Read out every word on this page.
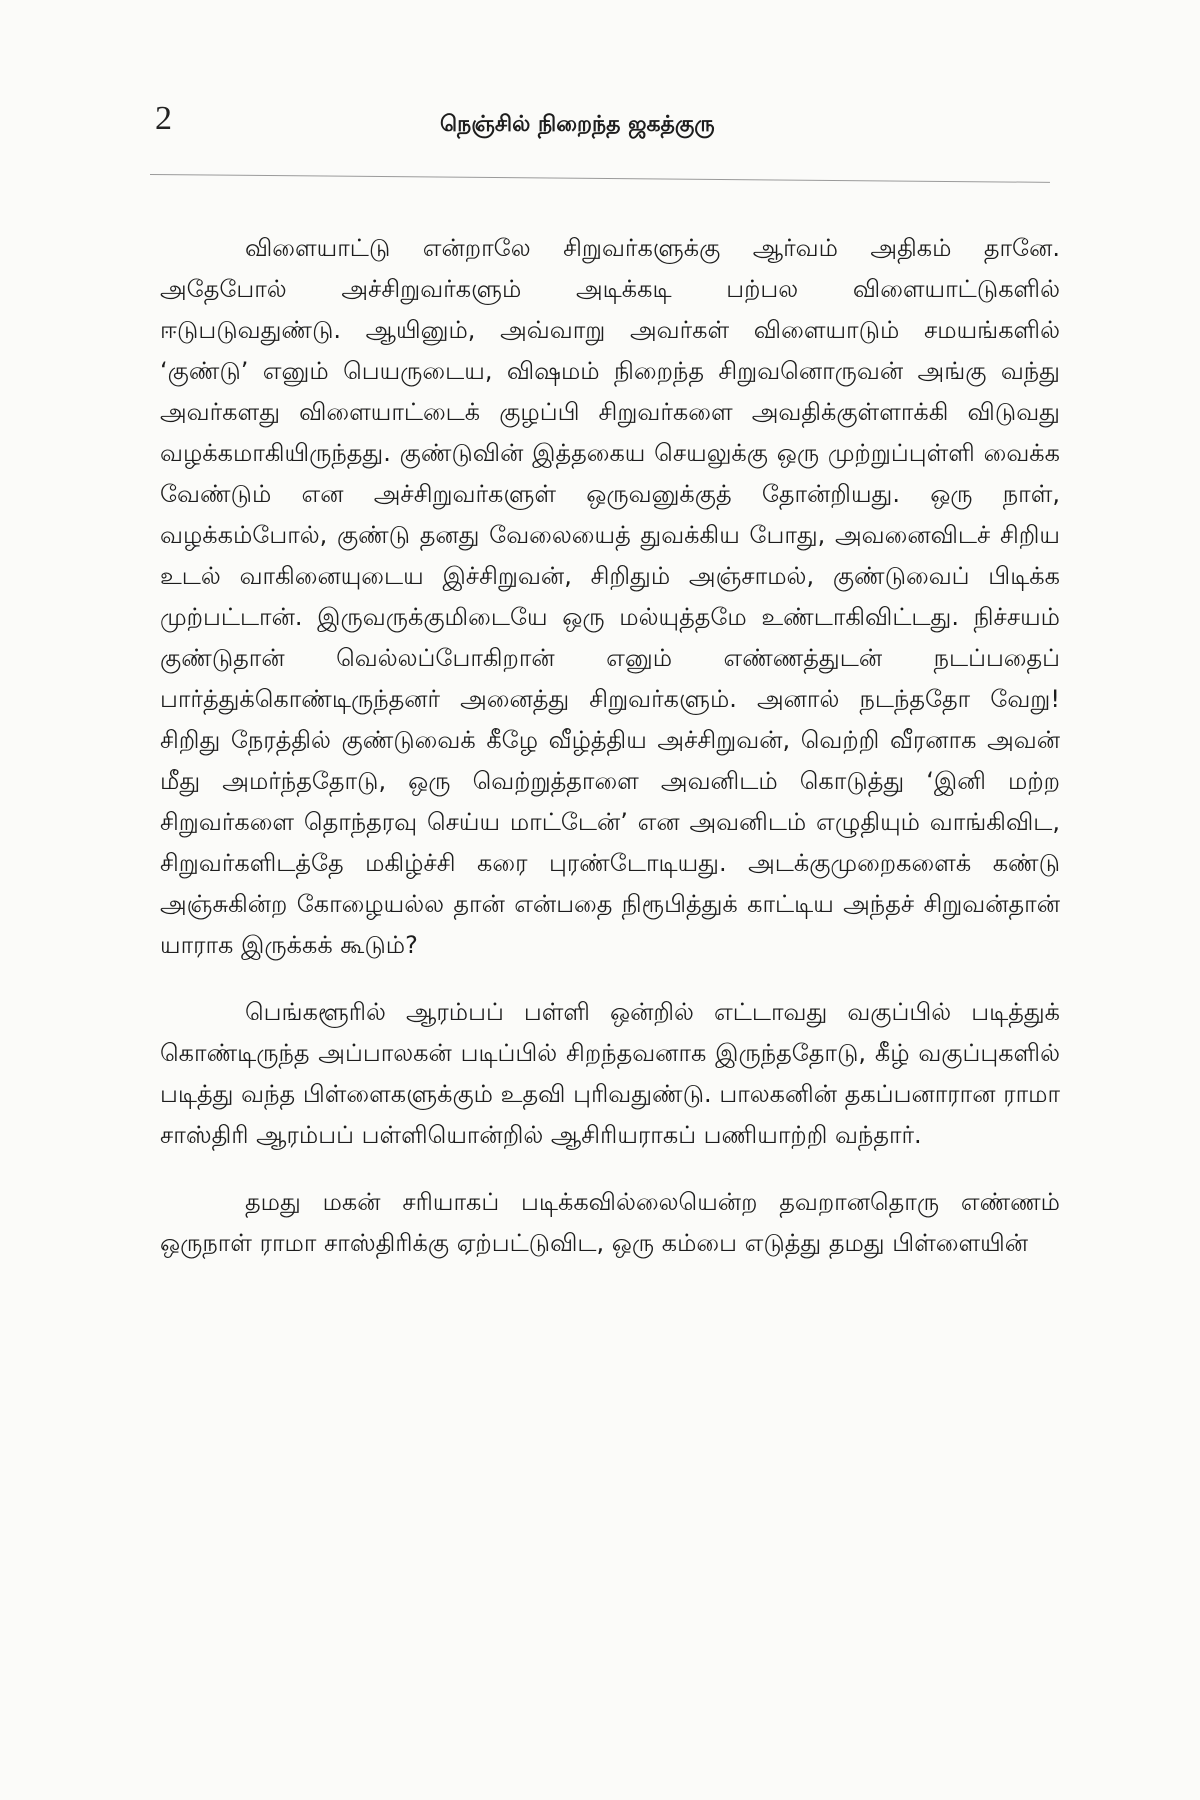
2	நெஞ்சில் நிறைந்த ஜகத்குரு

விளையாட்டு என்றாலே சிறுவர்களுக்கு ஆர்வம் அதிகம் தானே. அதேபோல் அச்சிறுவர்களும் அடிக்கடி பற்பல விளையாட்டுகளில் ஈடுபடுவதுண்டு. ஆயினும், அவ்வாறு அவர்கள் விளையாடும் சமயங்களில் ‘குண்டு’ எனும் பெயருடைய, விஷமம் நிறைந்த சிறுவனொருவன் அங்கு வந்து அவர்களது விளையாட்டைக் குழப்பி சிறுவர்களை அவதிக்குள்ளாக்கி விடுவது வழக்கமாகியிருந்தது. குண்டுவின் இத்தகைய செயலுக்கு ஒரு முற்றுப்புள்ளி வைக்க வேண்டும் என அச்சிறுவர்களுள் ஒருவனுக்குத் தோன்றியது. ஒரு நாள், வழக்கம்போல், குண்டு தனது வேலையைத் துவக்கிய போது, அவனைவிடச் சிறிய உடல் வாகினையுடைய இச்சிறுவன், சிறிதும் அஞ்சாமல், குண்டுவைப் பிடிக்க முற்பட்டான். இருவருக்குமிடையே ஒரு மல்யுத்தமே உண்டாகிவிட்டது. நிச்சயம் குண்டுதான் வெல்லப்போகிறான் எனும் எண்ணத்துடன் நடப்பதைப் பார்த்துக்கொண்டிருந்தனர் அனைத்து சிறுவர்களும். அனால் நடந்ததோ வேறு! சிறிது நேரத்தில் குண்டுவைக் கீழே வீழ்த்திய அச்சிறுவன், வெற்றி வீரனாக அவன் மீது அமர்ந்ததோடு, ஒரு வெற்றுத்தாளை அவனிடம் கொடுத்து ‘இனி மற்ற சிறுவர்களை தொந்தரவு செய்ய மாட்டேன்’ என அவனிடம் எழுதியும் வாங்கிவிட, சிறுவர்களிடத்தே மகிழ்ச்சி கரை புரண்டோடியது. அடக்குமுறைகளைக் கண்டு அஞ்சுகின்ற கோழையல்ல தான் என்பதை நிரூபித்துக் காட்டிய அந்தச் சிறுவன்தான் யாராக இருக்கக் கூடும்?

பெங்களூரில் ஆரம்பப் பள்ளி ஒன்றில் எட்டாவது வகுப்பில் படித்துக் கொண்டிருந்த அப்பாலகன் படிப்பில் சிறந்தவனாக இருந்ததோடு, கீழ் வகுப்புகளில் படித்து வந்த பிள்ளைகளுக்கும் உதவி புரிவதுண்டு. பாலகனின் தகப்பனாரான ராமா சாஸ்திரி ஆரம்பப் பள்ளியொன்றில் ஆசிரியராகப் பணியாற்றி வந்தார்.

தமது மகன் சரியாகப் படிக்கவில்லையென்ற தவறானதொரு எண்ணம் ஒருநாள் ராமா சாஸ்திரிக்கு ஏற்பட்டுவிட, ஒரு கம்பை எடுத்து தமது பிள்ளையின்
